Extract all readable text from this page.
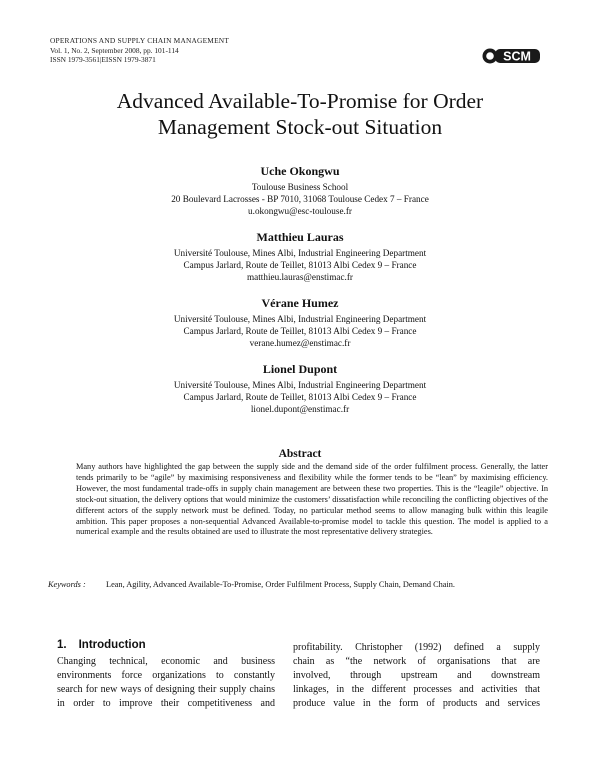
OPERATIONS AND SUPPLY CHAIN MANAGEMENT
Vol. 1, No. 2, September 2008, pp. 101-114
ISSN 1979-3561|EISSN 1979-3871	SCM
Advanced Available-To-Promise for Order
Management Stock-out Situation
Uche Okongwu
Toulouse Business School
20 Boulevard Lacrosses - BP 7010, 31068 Toulouse Cedex 7 – France
u.okongwu@esc-toulouse.fr
Matthieu Lauras
Université Toulouse, Mines Albi, Industrial Engineering Department
Campus Jarlard, Route de Teillet, 81013 Albi Cedex 9 – France
matthieu.lauras@enstimac.fr
Vérane Humez
Université Toulouse, Mines Albi, Industrial Engineering Department
Campus Jarlard, Route de Teillet, 81013 Albi Cedex 9 – France
verane.humez@enstimac.fr
Lionel Dupont
Université Toulouse, Mines Albi, Industrial Engineering Department
Campus Jarlard, Route de Teillet, 81013 Albi Cedex 9 – France
lionel.dupont@enstimac.fr
Abstract
Many authors have highlighted the gap between the supply side and the demand side of the order fulfilment process. Generally, the latter tends primarily to be “agile” by maximising responsiveness and flexibility while the former tends to be “lean” by maximising efficiency. However, the most fundamental trade-offs in supply chain management are between these two properties. This is the “leagile” objective. In stock-out situation, the delivery options that would minimize the customers’ dissatisfaction while reconciling the conflicting objectives of the different actors of the supply network must be defined. Today, no particular method seems to allow managing bulk within this leagile ambition. This paper proposes a non-sequential Advanced Available-to-promise model to tackle this question. The model is applied to a numerical example and the results obtained are used to illustrate the most representative delivery strategies.
Keywords : Lean, Agility, Advanced Available-To-Promise, Order Fulfilment Process, Supply Chain, Demand Chain.
1. Introduction
Changing technical, economic and business
environments force organizations to constantly
search for new ways of designing their supply chains
in order to improve their competitiveness and
profitability. Christopher (1992) defined a supply
chain as “the network of organisations that are
involved, through upstream and downstream
linkages, in the different processes and activities that
produce value in the form of products and services
